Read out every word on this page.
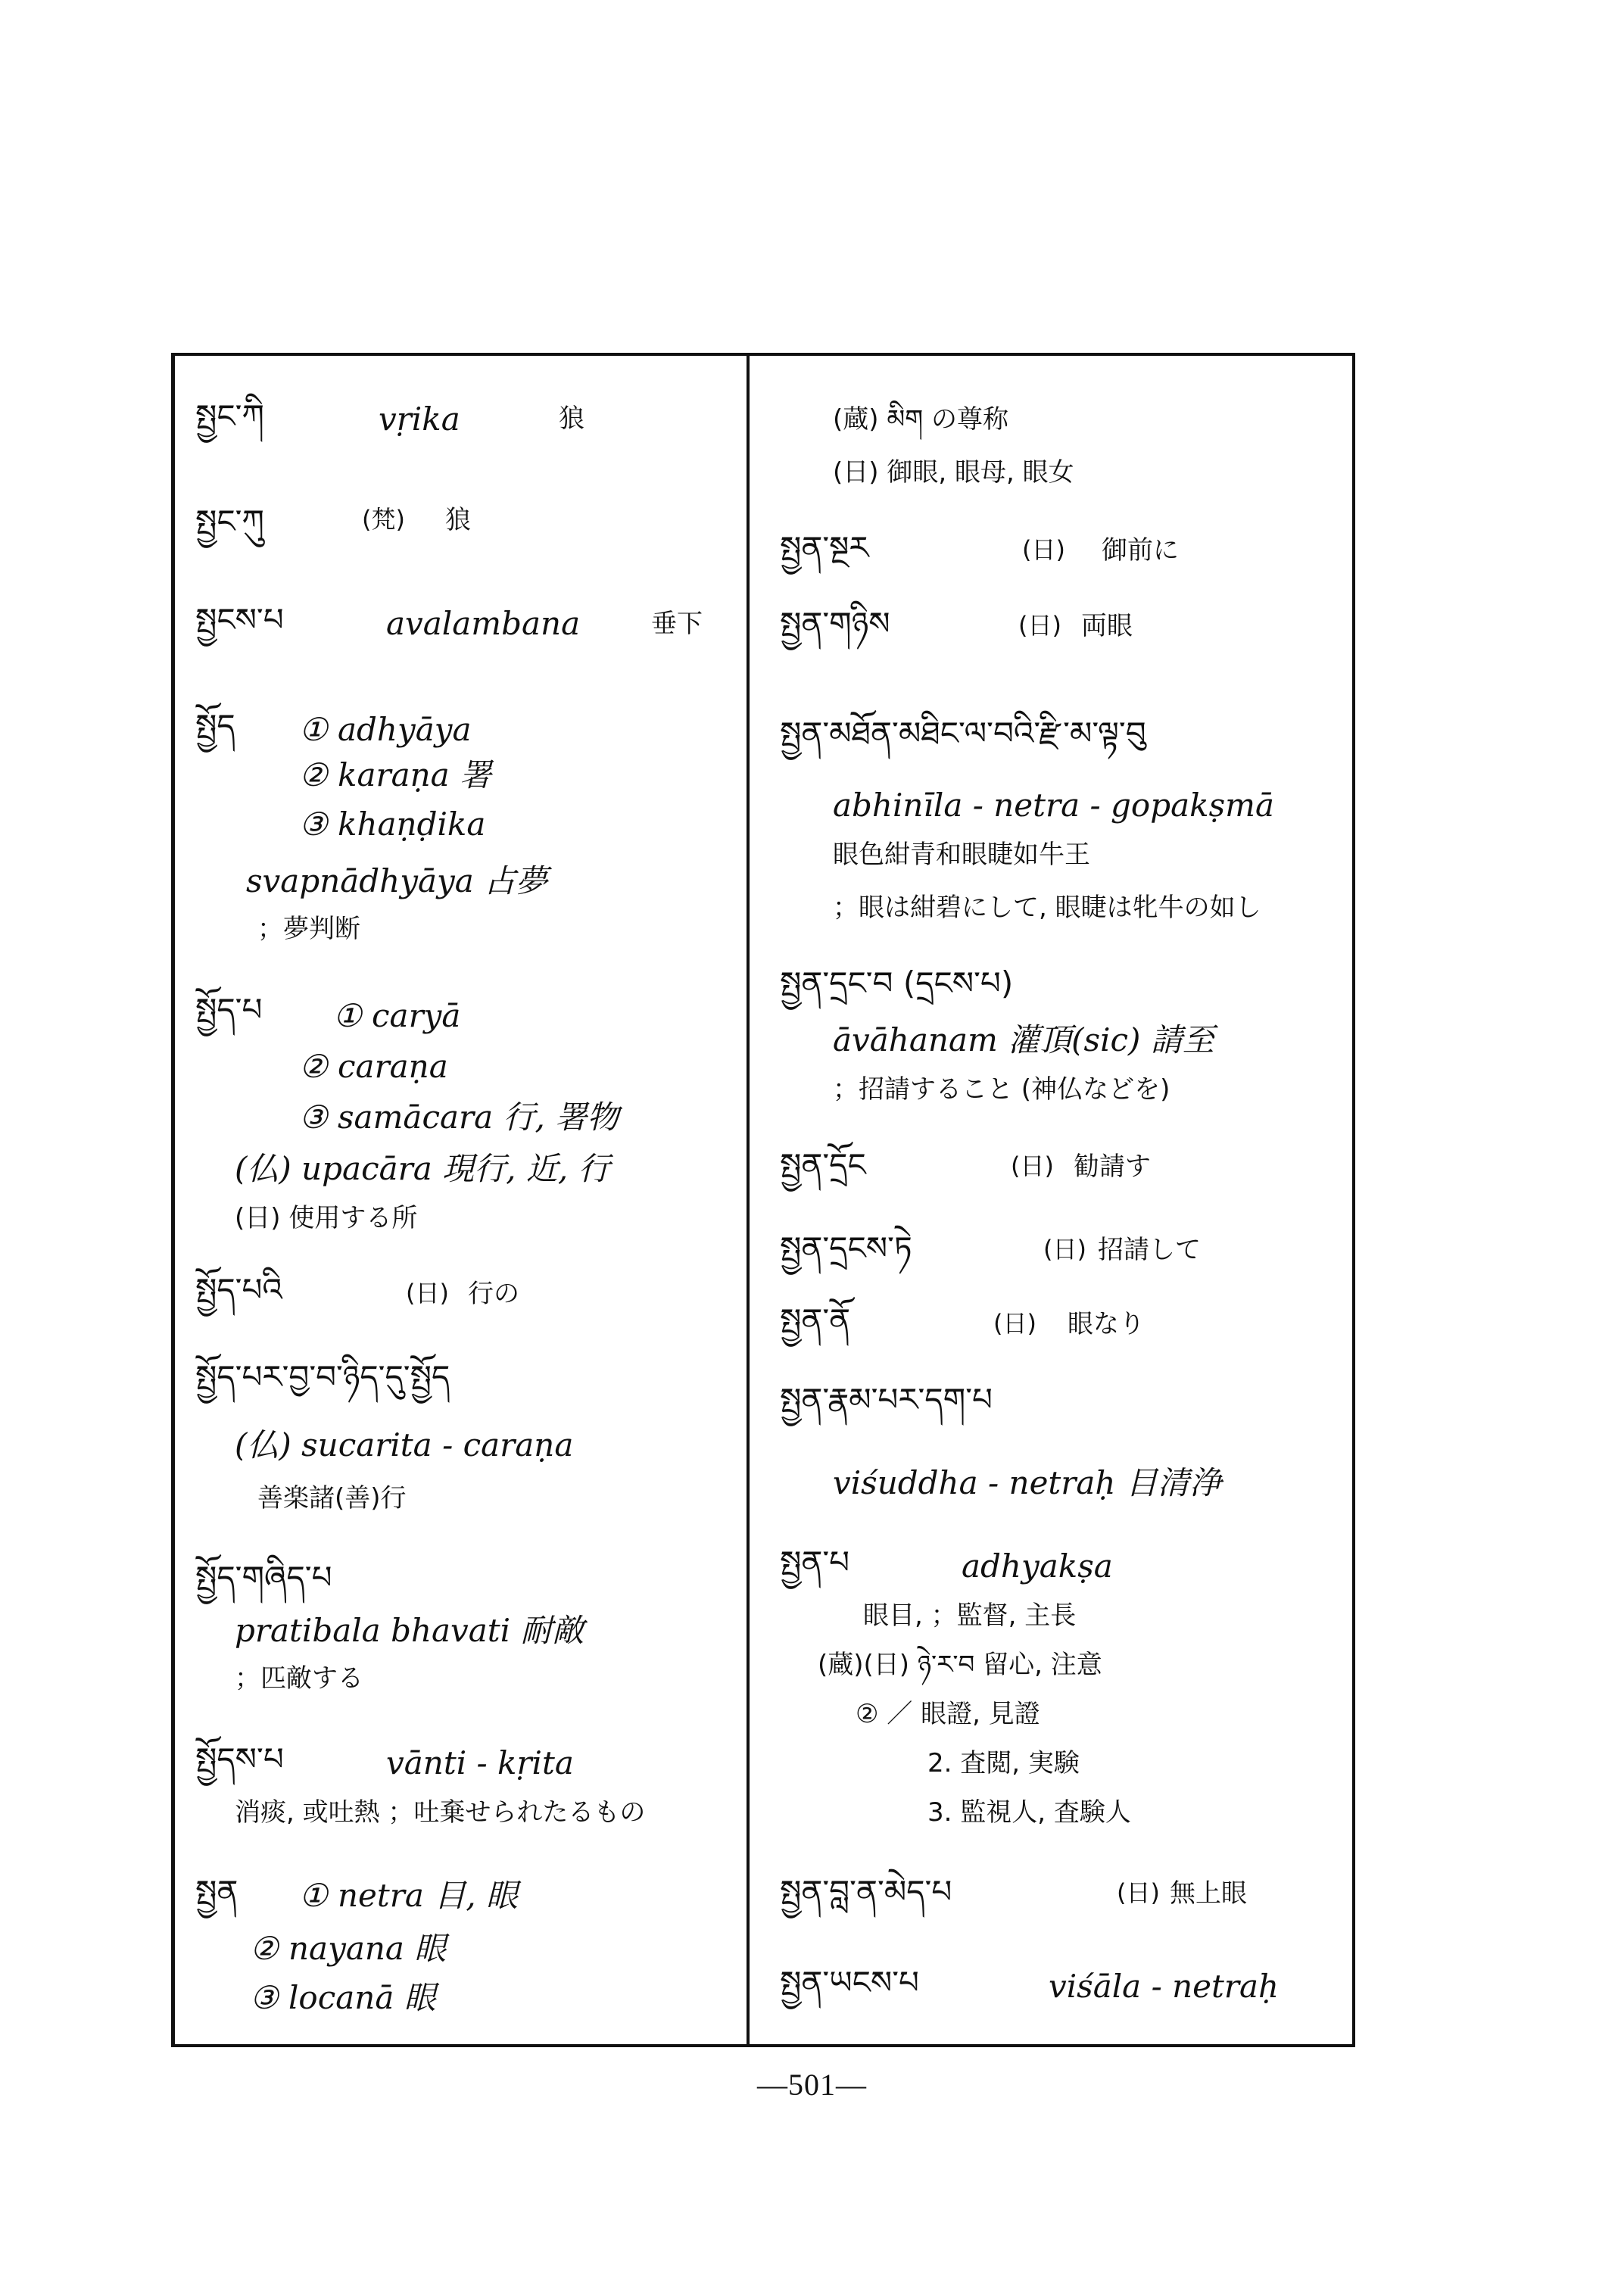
སྤྱང་ཀི	vṛika	狼
སྤྱང་ཀུ	(梵) 狼
སྤྱངས་པ	avalambana	垂下
སྤྱོད ① adhyāya
② karaṇa 署
③ khaṇḍika
svapnādhyāya 占夢
；夢判断
སྤྱོད་པ ① caryā
② caraṇa
③ samācara 行, 署物
(仏) upacāra 現行, 近, 行
(日) 使用する所
སྤྱོད་པའི	(日) 行の
སྤྱོད་པར་བྱ་བ་ཉིད་དུ་སྤྱོད
(仏) sucarita - caraṇa
善楽諸(善)行
སྤྱོད་གཞིད་པ
pratibala bhavati 耐敵
；匹敵する
སྤྱོདས་པ	vānti - kṛita
消痰, 或吐熱 ；吐棄せられたるもの
སྤྱན ① netra 目, 眼
② nayana 眼
③ locanā 眼
(蔵) མིག の尊称
(日) 御眼, 眼母, 眼女
སྤྱན་སྔར	(日) 御前に
སྤྱན་གཉིས	(日) 両眼
སྤྱན་མཐོན་མཐིང་ལ་བའི་རྫི་མ་ལྟ་བུ
abhinīla - netra - gopakṣmā
眼色紺青和眼睫如牛王
；眼は紺碧にして, 眼睫は牝牛の如し
སྤྱན་དྲང་བ (དྲངས་པ)
āvāhanam 灌頂(sic) 請至
；招請すること (神仏などを)
སྤྱན་དྲོང	(日) 勧請す
སྤྱན་དྲངས་ཏེ	(日) 招請して
སྤྱན་ནོ	(日) 眼なり
སྤྱན་རྣམ་པར་དག་པ
viśuddha - netraḥ 目清浄
སྤྱན་པ	adhyakṣa
眼目, ；監督, 主長
(蔵)(日) ཉེ་ར་བ 留心, 注意
② ／ 眼證, 見證
2. 査閲, 実験
3. 監視人, 査験人
སྤྱན་བླ་ན་མེད་པ	(日) 無上眼
སྤྱན་ཡངས་པ	viśāla - netraḥ
—501—
